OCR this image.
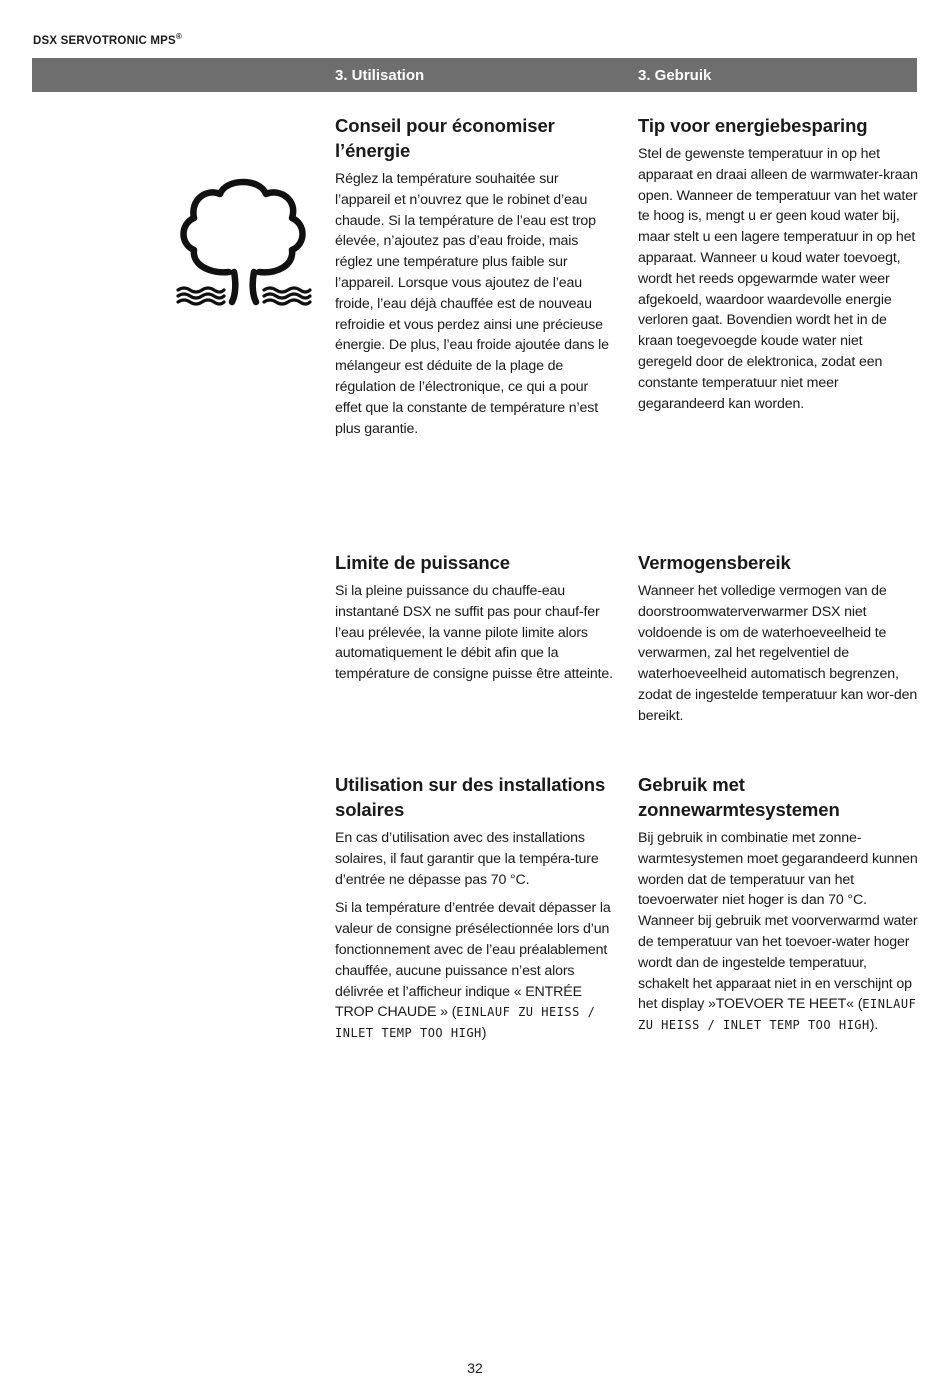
DSX SERVOTRONIC MPS®
3. Utilisation	3. Gebruik
Conseil pour économiser l’énergie

Réglez la température souhaitée sur l’appareil et n’ouvrez que le robinet d’eau chaude. Si la température de l’eau est trop élevée, n’ajoutez pas d’eau froide, mais réglez une température plus faible sur l’appareil. Lorsque vous ajoutez de l’eau froide, l’eau déjà chauffée est de nouveau refroidie et vous perdez ainsi une précieuse énergie. De plus, l’eau froide ajoutée dans le mélangeur est déduite de la plage de régulation de l’électronique, ce qui a pour effet que la constante de température n’est plus garantie.

Tip voor energiebesparing

Stel de gewenste temperatuur in op het apparaat en draai alleen de warmwater-kraan open. Wanneer de temperatuur van het water te hoog is, mengt u er geen koud water bij, maar stelt u een lagere temperatuur in op het apparaat. Wanneer u koud water toevoegt, wordt het reeds opgewarmde water weer afgekoeld, waardoor waardevolle energie verloren gaat. Bovendien wordt het in de kraan toegevoegde koude water niet geregeld door de elektronica, zodat een constante temperatuur niet meer gegarandeerd kan worden.

Limite de puissance

Si la pleine puissance du chauffe-eau instantané DSX ne suffit pas pour chauf-fer l’eau prélevée, la vanne pilote limite alors automatiquement le débit afin que la température de consigne puisse être atteinte.

Vermogensbereik

Wanneer het volledige vermogen van de doorstroomwaterverwarmer DSX niet voldoende is om de waterhoeveelheid te verwarmen, zal het regelventiel de waterhoeveelheid automatisch begrenzen, zodat de ingestelde temperatuur kan wor-den bereikt.

Utilisation sur des installations solaires

En cas d’utilisation avec des installations solaires, il faut garantir que la tempéra-ture d’entrée ne dépasse pas 70 °C.

Si la température d’entrée devait dépasser la valeur de consigne présélectionnée lors d’un fonctionnement avec de l’eau préalablement chauffée, aucune puissance n’est alors délivrée et l’afficheur indique « ENTRÉE TROP CHAUDE » (EINLAUF ZU HEISS / INLET TEMP TOO HIGH)

Gebruik met zonnewarmtesystemen

Bij gebruik in combinatie met zonne-warmtesystemen moet gegarandeerd kunnen worden dat de temperatuur van het toevoerwater niet hoger is dan 70 °C. Wanneer bij gebruik met voorverwarmd water de temperatuur van het toevoer-water hoger wordt dan de ingestelde temperatuur, schakelt het apparaat niet in en verschijnt op het display »TOEVOER TE HEET« (EINLAUF ZU HEISS / INLET TEMP TOO HIGH).

32
